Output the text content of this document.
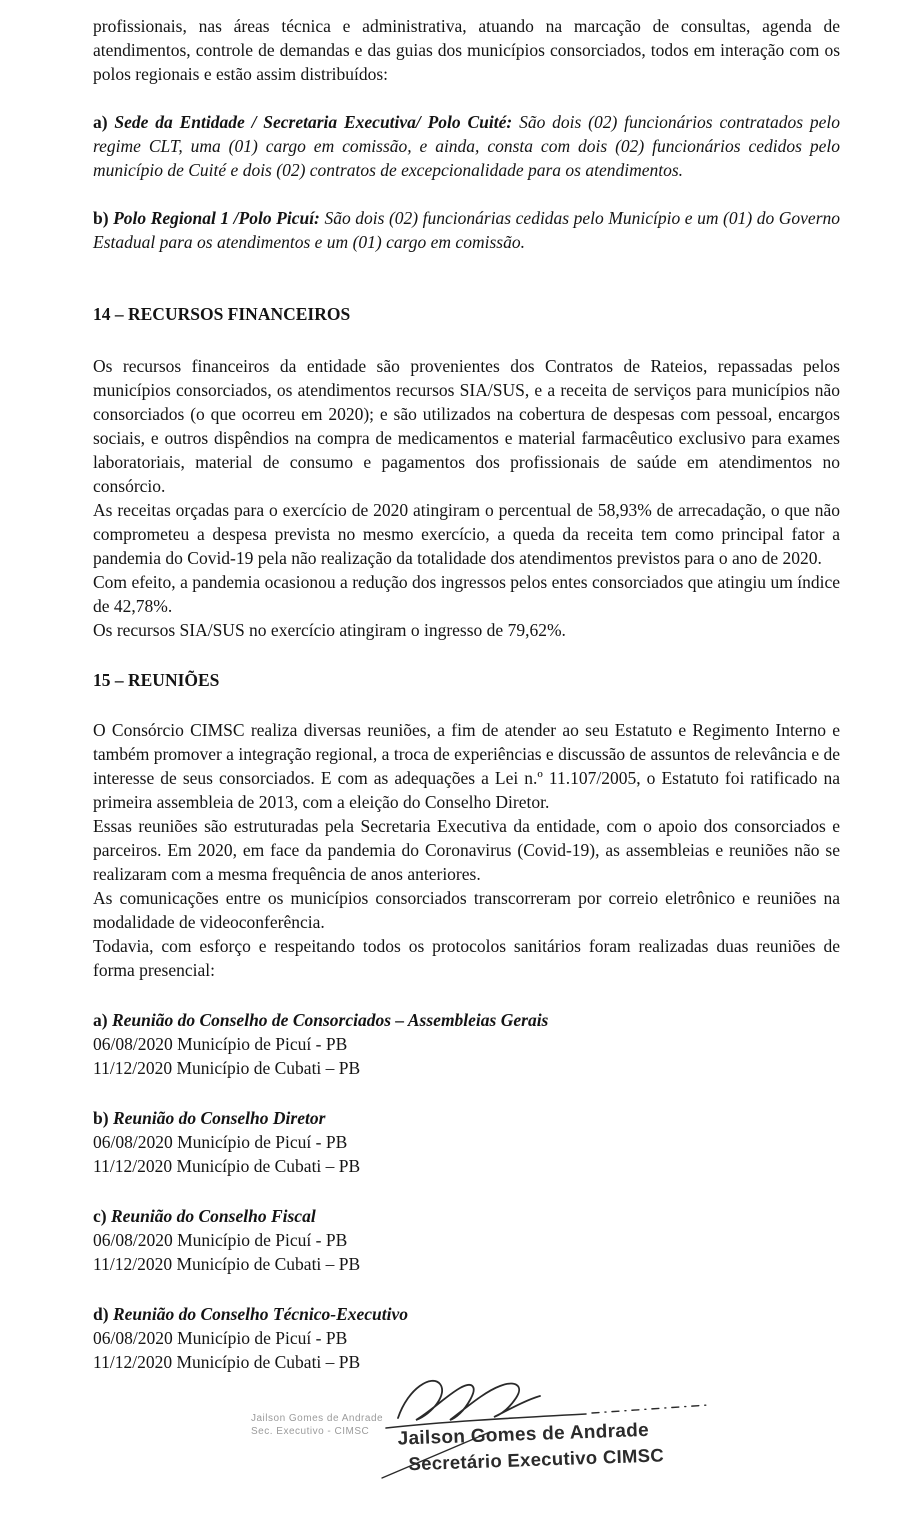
profissionais, nas áreas técnica e administrativa, atuando na marcação de consultas, agenda de atendimentos, controle de demandas e das guias dos municípios consorciados, todos em interação com os polos regionais e estão assim distribuídos:

a) Sede da Entidade / Secretaria Executiva/ Polo Cuité: São dois (02) funcionários contratados pelo regime CLT, uma (01) cargo em comissão, e ainda, consta com dois (02) funcionários cedidos pelo município de Cuité e dois (02) contratos de excepcionalidade para os atendimentos.

b) Polo Regional 1 /Polo Picuí: São dois (02) funcionárias cedidas pelo Município e um (01) do Governo Estadual para os atendimentos e um (01) cargo em comissão.

14 – RECURSOS FINANCEIROS

Os recursos financeiros da entidade são provenientes dos Contratos de Rateios, repassadas pelos municípios consorciados, os atendimentos recursos SIA/SUS, e a receita de serviços para municípios não consorciados (o que ocorreu em 2020); e são utilizados na cobertura de despesas com pessoal, encargos sociais, e outros dispêndios na compra de medicamentos e material farmacêutico exclusivo para exames laboratoriais, material de consumo e pagamentos dos profissionais de saúde em atendimentos no consórcio.

As receitas orçadas para o exercício de 2020 atingiram o percentual de 58,93% de arrecadação, o que não comprometeu a despesa prevista no mesmo exercício, a queda da receita tem como principal fator a pandemia do Covid-19 pela não realização da totalidade dos atendimentos previstos para o ano de 2020.

Com efeito, a pandemia ocasionou a redução dos ingressos pelos entes consorciados que atingiu um índice de 42,78%.

Os recursos SIA/SUS no exercício atingiram o ingresso de 79,62%.

15 – REUNIÕES

O Consórcio CIMSC realiza diversas reuniões, a fim de atender ao seu Estatuto e Regimento Interno e também promover a integração regional, a troca de experiências e discussão de assuntos de relevância e de interesse de seus consorciados. E com as adequações a Lei n.º 11.107/2005, o Estatuto foi ratificado na primeira assembleia de 2013, com a eleição do Conselho Diretor.

Essas reuniões são estruturadas pela Secretaria Executiva da entidade, com o apoio dos consorciados e parceiros. Em 2020, em face da pandemia do Coronavirus (Covid-19), as assembleias e reuniões não se realizaram com a mesma frequência de anos anteriores.

As comunicações entre os municípios consorciados transcorreram por correio eletrônico e reuniões na modalidade de videoconferência.

Todavia, com esforço e respeitando todos os protocolos sanitários foram realizadas duas reuniões de forma presencial:

a) Reunião do Conselho de Consorciados – Assembleias Gerais

06/08/2020 Município de Picuí - PB

11/12/2020 Município de Cubati – PB

b) Reunião do Conselho Diretor

06/08/2020 Município de Picuí - PB

11/12/2020 Município de Cubati – PB

c) Reunião do Conselho Fiscal

06/08/2020 Município de Picuí - PB

11/12/2020 Município de Cubati – PB

d) Reunião do Conselho Técnico-Executivo

06/08/2020 Município de Picuí - PB

11/12/2020 Município de Cubati – PB

Jailson Gomes de Andrade
Sec. Executivo - CIMSC	Jailson Gomes de Andrade
Secretário Executivo CIMSC
